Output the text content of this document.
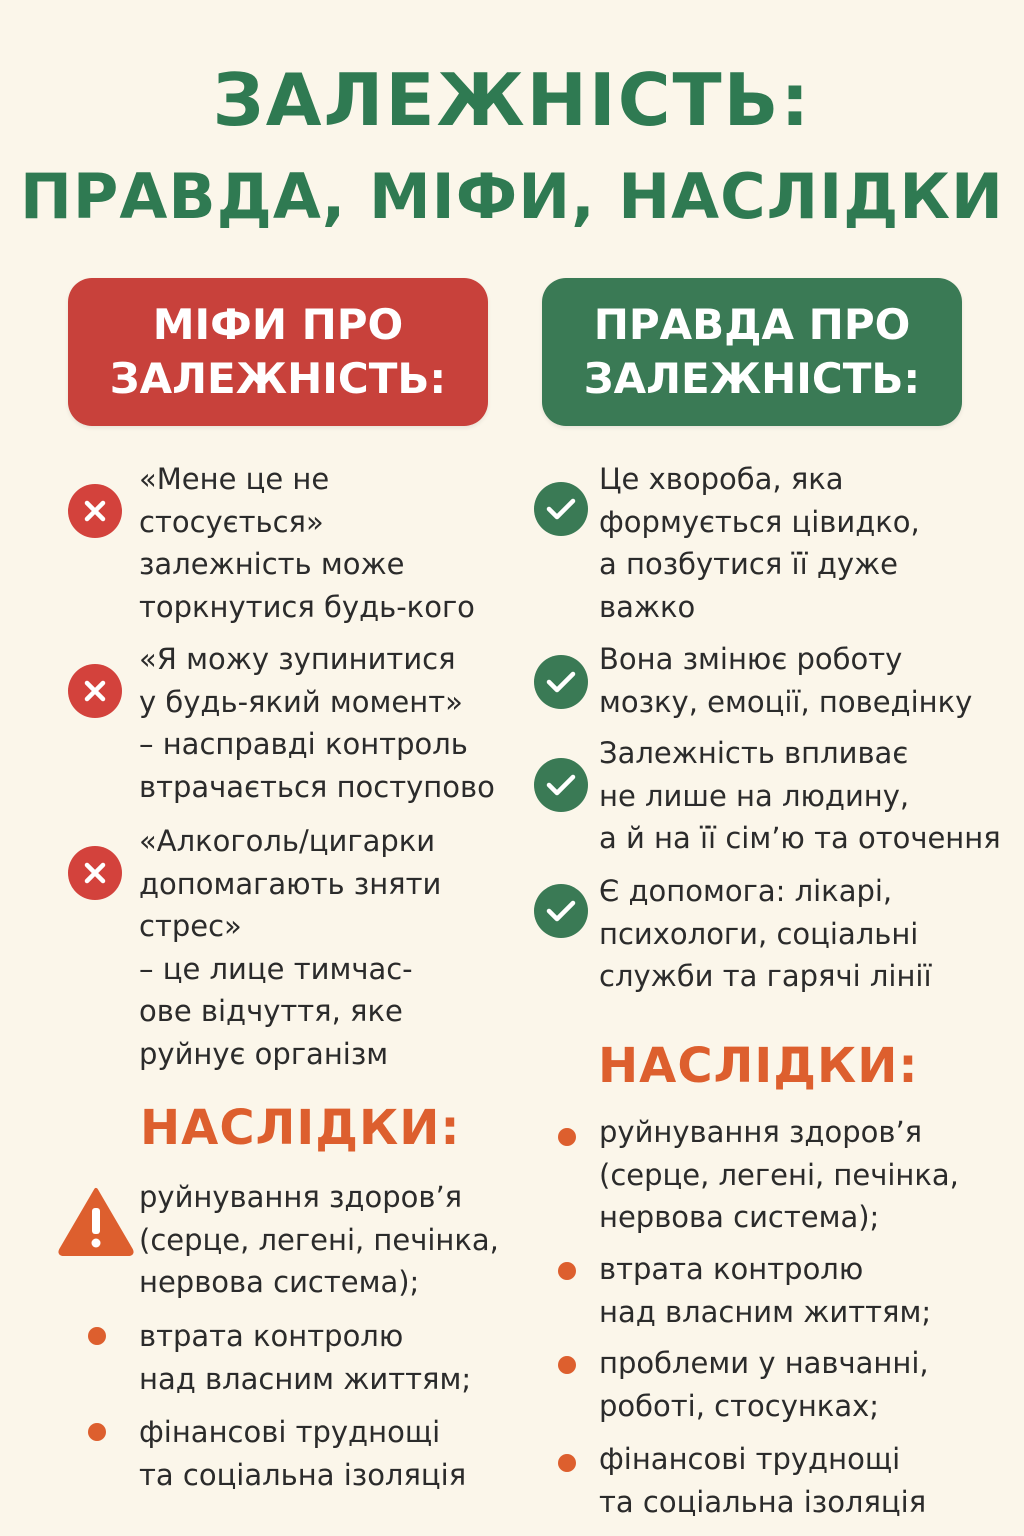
ЗАЛЕЖНІСТЬ:
ПРАВДА, МІФИ, НАСЛІДКИ
МІФИ ПРО
ЗАЛЕЖНІСТЬ:
ПРАВДА ПРО
ЗАЛЕЖНІСТЬ:
«Мене це не
стосується»
залежність може
торкнутися будь-кого
«Я можу зупинитися
у будь-який момент»
– насправді контроль
втрачається поступово
«Алкоголь/цигарки
допомагають зняти
стрес»
– це лице тимчас-
ове відчуття, яке
руйнує організм
НАСЛІДКИ:
руйнування здоровʼя
(серце, легені, печінка,
нервова система);
втрата контролю
над власним життям;
фінансові труднощі
та соціальна ізоляція
Це хвороба, яка
формується цівидко,
а позбутися її дуже
важко
Вона змінює роботу
мозку, емоції, поведінку
Залежність впливає
не лише на людину,
а й на її сімʼю та оточення
Є допомога: лікарі,
психологи, соціальні
служби та гарячі лінії
НАСЛІДКИ:
руйнування здоровʼя
(серце, легені, печінка,
нервова система);
втрата контролю
над власним життям;
проблеми у навчанні,
роботі, стосунках;
фінансові труднощі
та соціальна ізоляція
